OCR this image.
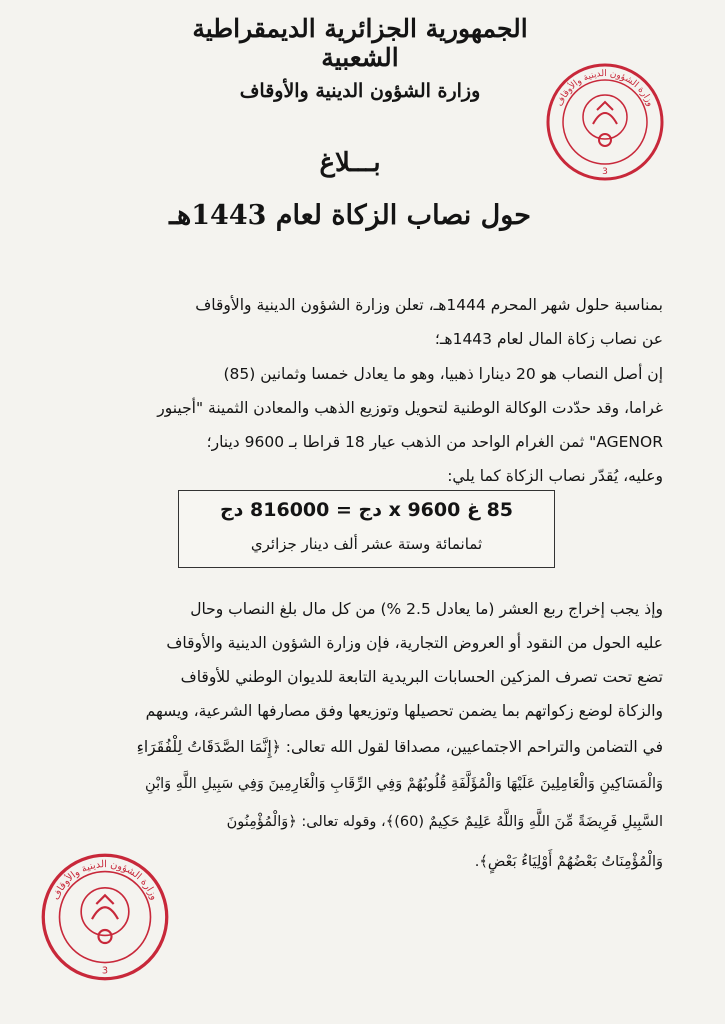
الجمهورية الجزائرية الديمقراطية الشعبية
وزارة الشؤون الدينية والأوقاف	وزارة الشؤون الدينية والأوقاف
3
بـــلاغ
حول نصاب الزكاة لعام 1443هـ
بمناسبة حلول شهر المحرم 1444هـ، تعلن وزارة الشؤون الدينية والأوقاف
عن نصاب زكاة المال لعام 1443هـ؛
إن أصل النصاب هو 20 دينارا ذهبيا، وهو ما يعادل خمسا وثمانين (85)
غراما، وقد حدّدت الوكالة الوطنية لتحويل وتوزيع الذهب والمعادن الثمينة "أجينور
AGENOR" ثمن الغرام الواحد من الذهب عيار 18 قراطا بـ 9600 دينار؛
وعليه، يُقدّر نصاب الزكاة كما يلي:
85 غ x 9600 دج = 816000 دج
ثمانمائة وستة عشر ألف دينار جزائري
وإذ يجب إخراج ربع العشر (ما يعادل 2.5 %) من كل مال بلغ النصاب وحال
عليه الحول من النقود أو العروض التجارية، فإن وزارة الشؤون الدينية والأوقاف
تضع تحت تصرف المزكين الحسابات البريدية التابعة للديوان الوطني للأوقاف
والزكاة لوضع زكواتهم بما يضمن تحصيلها وتوزيعها وفق مصارفها الشرعية، ويسهم
في التضامن والتراحم الاجتماعيين، مصداقا لقول الله تعالى: ﴿إِنَّمَا الصَّدَقَاتُ لِلْفُقَرَاءِ
وَالْمَسَاكِينِ وَالْعَامِلِينَ عَلَيْهَا وَالْمُؤَلَّفَةِ قُلُوبُهُمْ وَفِي الرِّقَابِ وَالْغَارِمِينَ وَفِي سَبِيلِ اللَّهِ وَابْنِ
السَّبِيلِ فَرِيضَةً مِّنَ اللَّهِ وَاللَّهُ عَلِيمٌ حَكِيمٌ (60)﴾، وقوله تعالى: ﴿وَالْمُؤْمِنُونَ
وَالْمُؤْمِنَاتُ بَعْضُهُمْ أَوْلِيَاءُ بَعْضٍ﴾.
وزارة الشؤون الدينية والأوقاف
3
